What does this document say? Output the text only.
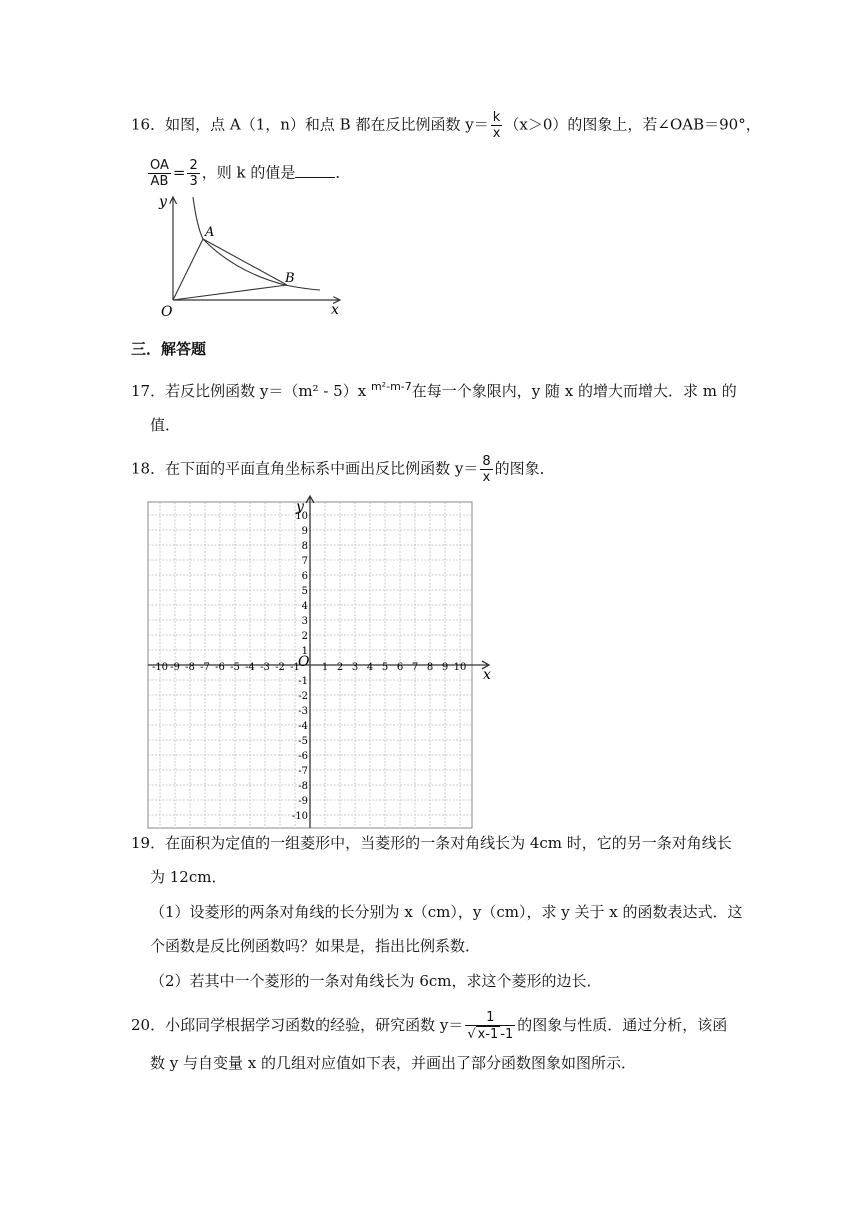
16．如图，点 A（1，n）和点 B 都在反比例函数 $y= \frac{k}{x} (x>0)$的图象上，若∠OAB＝90°，
$\frac{OA}{AB} = \frac{2}{3}$ ，则 k 的值是	．
y
x
O
A
B
三．解答题
17．若反比例函数 y＝（m² - 5）x $^{m^2-m-7}$在每一个象限内，y 随 x 的增大而增大．求 m 的
值．
18．在下面的平面直角坐标系中画出反比例函数 $y= \frac{8}{x}$ 的图象．
y
x
O
-10 -9 -8 -7 -6 -5 -4 -3 -2 -1 1 2 3 4 5 6 7 8 9 10
10
9
8
7
6
5
4
3
2
1
-1
-2
-3
-4
-5
-6
-7
-8
-9
-10
19．在面积为定值的一组菱形中，当菱形的一条对角线长为 4cm 时，它的另一条对角线长
为 12cm．
（1）设菱形的两条对角线的长分别为 x（cm），y（cm），求 y 关于 x 的函数表达式．这
个函数是反比例函数吗？如果是，指出比例系数．
（2）若其中一个菱形的一条对角线长为 6cm，求这个菱形的边长．
20．小邱同学根据学习函数的经验，研究函数 $y= \frac{1}{√ x-1 -1}$ 的图象与性质．通过分析，该函
数 y 与自变量 x 的几组对应值如下表，并画出了部分函数图象如图所示．
